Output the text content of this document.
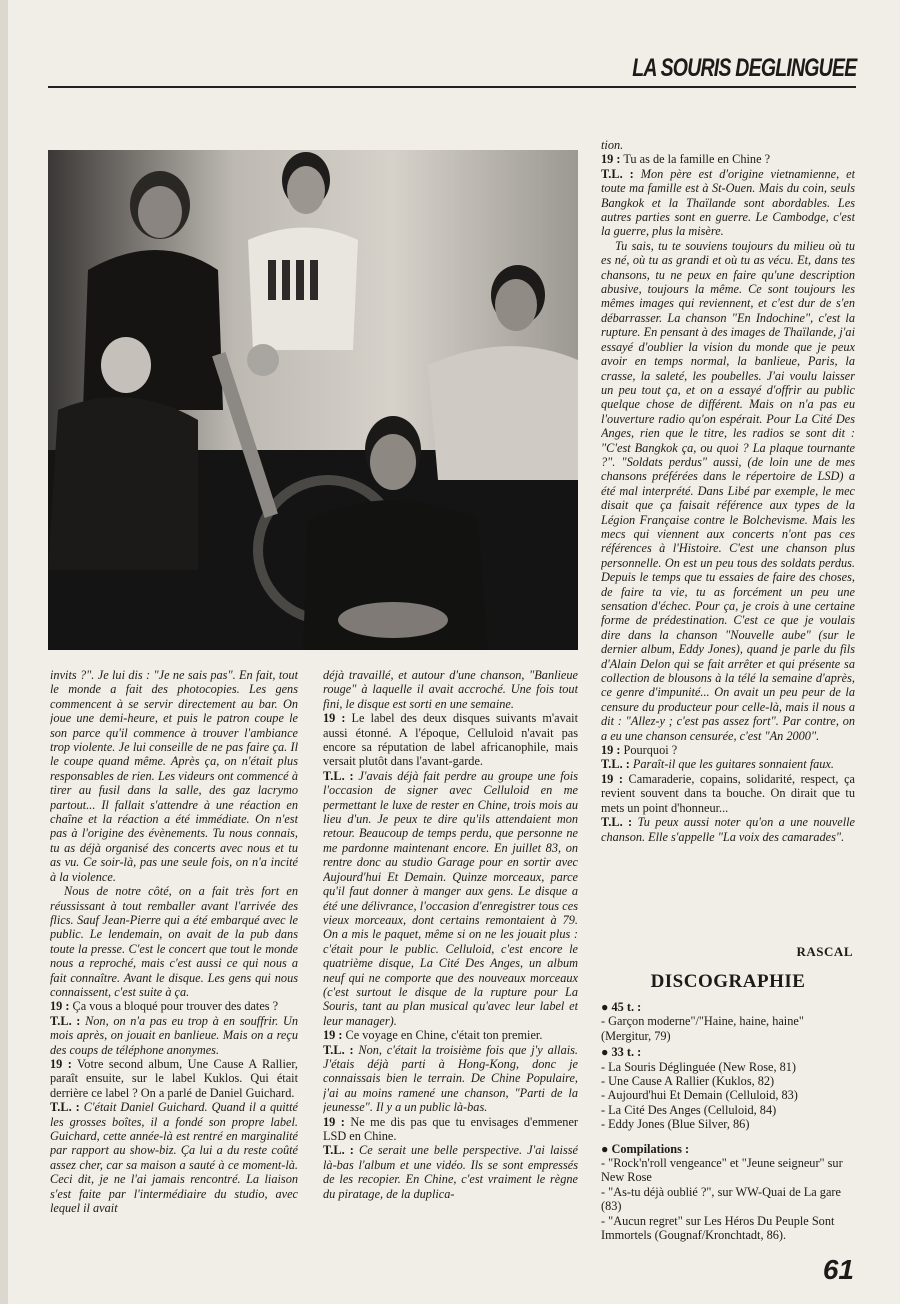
LA SOURIS DEGLINGUEE

invits ?". Je lui dis : "Je ne sais pas". En fait, tout le monde a fait des photocopies. Les gens commencent à se servir directement au bar. On joue une demi-heure, et puis le patron coupe le son parce qu'il commence à trouver l'ambiance trop violente. Je lui conseille de ne pas faire ça. Il le coupe quand même. Après ça, on n'était plus responsables de rien. Les videurs ont commencé à tirer au fusil dans la salle, des gaz lacrymo partout... Il fallait s'attendre à une réaction en chaîne et la réaction a été immédiate. On n'est pas à l'origine des évènements. Tu nous connais, tu as déjà organisé des concerts avec nous et tu as vu. Ce soir-là, pas une seule fois, on n'a incité à la violence.

Nous de notre côté, on a fait très fort en réussissant à tout remballer avant l'arrivée des flics. Sauf Jean-Pierre qui a été embarqué avec le public. Le lendemain, on avait de la pub dans toute la presse. C'est le concert que tout le monde nous a reproché, mais c'est aussi ce qui nous a fait connaître. Avant le disque. Les gens qui nous connaissent, c'est suite à ça.

19 : Ça vous a bloqué pour trouver des dates ?

T.L. : Non, on n'a pas eu trop à en souffrir. Un mois après, on jouait en banlieue. Mais on a reçu des coups de téléphone anonymes.

19 : Votre second album, Une Cause A Rallier, paraît ensuite, sur le label Kuklos. Qui était derrière ce label ? On a parlé de Daniel Guichard.

T.L. : C'était Daniel Guichard. Quand il a quitté les grosses boîtes, il a fondé son propre label. Guichard, cette année-là est rentré en marginalité par rapport au show-biz. Ça lui a du reste coûté assez cher, car sa maison a sauté à ce moment-là. Ceci dit, je ne l'ai jamais rencontré. La liaison s'est faite par l'intermédiaire du studio, avec lequel il avait

déjà travaillé, et autour d'une chanson, "Banlieue rouge" à laquelle il avait accroché. Une fois tout fini, le disque est sorti en une semaine.

19 : Le label des deux disques suivants m'avait aussi étonné. A l'époque, Celluloid n'avait pas encore sa réputation de label africanophile, mais versait plutôt dans l'avant-garde.

T.L. : J'avais déjà fait perdre au groupe une fois l'occasion de signer avec Celluloid en me permettant le luxe de rester en Chine, trois mois au lieu d'un. Je peux te dire qu'ils attendaient mon retour. Beaucoup de temps perdu, que personne ne me pardonne maintenant encore. En juillet 83, on rentre donc au studio Garage pour en sortir avec Aujourd'hui Et Demain. Quinze morceaux, parce qu'il faut donner à manger aux gens. Le disque a été une délivrance, l'occasion d'enregistrer tous ces vieux morceaux, dont certains remontaient à 79. On a mis le paquet, même si on ne les jouait plus : c'était pour le public. Celluloid, c'est encore le quatrième disque, La Cité Des Anges, un album neuf qui ne comporte que des nouveaux morceaux (c'est surtout le disque de la rupture pour La Souris, tant au plan musical qu'avec leur label et leur manager).

19 : Ce voyage en Chine, c'était ton premier.

T.L. : Non, c'était la troisième fois que j'y allais. J'étais déjà parti à Hong-Kong, donc je connaissais bien le terrain. De Chine Populaire, j'ai au moins ramené une chanson, "Parti de la jeunesse". Il y a un public là-bas.

19 : Ne me dis pas que tu envisages d'emmener LSD en Chine.

T.L. : Ce serait une belle perspective. J'ai laissé là-bas l'album et une vidéo. Ils se sont empressés de les recopier. En Chine, c'est vraiment le règne du piratage, de la duplica-

tion.

19 : Tu as de la famille en Chine ?

T.L. : Mon père est d'origine vietnamienne, et toute ma famille est à St-Ouen. Mais du coin, seuls Bangkok et la Thaïlande sont abordables. Les autres parties sont en guerre. Le Cambodge, c'est la guerre, plus la misère.

Tu sais, tu te souviens toujours du milieu où tu es né, où tu as grandi et où tu as vécu. Et, dans tes chansons, tu ne peux en faire qu'une description abusive, toujours la même. Ce sont toujours les mêmes images qui reviennent, et c'est dur de s'en débarrasser. La chanson "En Indochine", c'est la rupture. En pensant à des images de Thaïlande, j'ai essayé d'oublier la vision du monde que je peux avoir en temps normal, la banlieue, Paris, la crasse, la saleté, les poubelles. J'ai voulu laisser un peu tout ça, et on a essayé d'offrir au public quelque chose de différent. Mais on n'a pas eu l'ouverture radio qu'on espérait. Pour La Cité Des Anges, rien que le titre, les radios se sont dit : "C'est Bangkok ça, ou quoi ? La plaque tournante ?". "Soldats perdus" aussi, (de loin une de mes chansons préférées dans le répertoire de LSD) a été mal interprété. Dans Libé par exemple, le mec disait que ça faisait référence aux types de la Légion Française contre le Bolchevisme. Mais les mecs qui viennent aux concerts n'ont pas ces références à l'Histoire. C'est une chanson plus personnelle. On est un peu tous des soldats perdus. Depuis le temps que tu essaies de faire des choses, de faire ta vie, tu as forcément un peu une sensation d'échec. Pour ça, je crois à une certaine forme de prédestination. C'est ce que je voulais dire dans la chanson "Nouvelle aube" (sur le dernier album, Eddy Jones), quand je parle du fils d'Alain Delon qui se fait arrêter et qui présente sa collection de blousons à la télé la semaine d'après, ce genre d'impunité... On avait un peu peur de la censure du producteur pour celle-là, mais il nous a dit : "Allez-y ; c'est pas assez fort". Par contre, on a eu une chanson censurée, c'est "An 2000".

19 : Pourquoi ?

T.L. : Paraît-il que les guitares sonnaient faux.

19 : Camaraderie, copains, solidarité, respect, ça revient souvent dans ta bouche. On dirait que tu mets un point d'honneur...

T.L. : Tu peux aussi noter qu'on a une nouvelle chanson. Elle s'appelle "La voix des camarades".

RASCAL
DISCOGRAPHIE
● 45 t. :
- Garçon moderne"/"Haine, haine, haine" (Mergitur, 79)
● 33 t. :
- La Souris Déglinguée (New Rose, 81)
- Une Cause A Rallier (Kuklos, 82)
- Aujourd'hui Et Demain (Celluloid, 83)
- La Cité Des Anges (Celluloid, 84)
- Eddy Jones (Blue Silver, 86)
● Compilations :
- "Rock'n'roll vengeance" et "Jeune seigneur" sur New Rose
- "As-tu déjà oublié ?", sur WW-Quai de La gare (83)
- "Aucun regret" sur Les Héros Du Peuple Sont Immortels (Gougnaf/Kronchtadt, 86).
61
